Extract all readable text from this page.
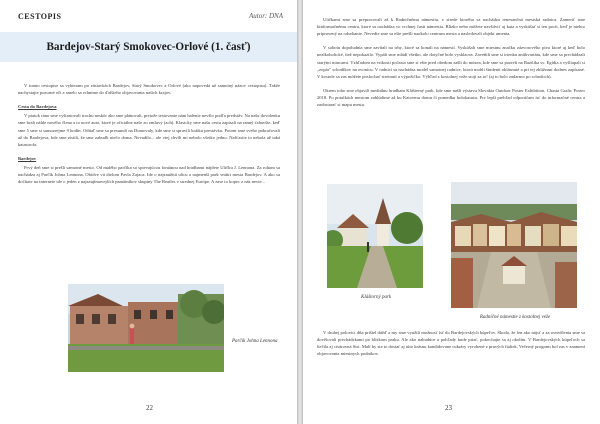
CESTOPIS	Autor: DNA
Bardejov-Starý Smokovec-Orlové (1. časť)

V tomto cestopise sa vybieram po zástavkách Bardejov, Starý Smokovec a Orlové (ako napovedá už samotný názov cestopisu). Takže nachystajte pozorné oči a smelo sa vrhnime do ďalšieho objavovania našich krajov.

Cesta do Bardejova

V piatok ráno sme vyštartovali trochu neskôr ako sme plánovali, pretože testovanie nám balenie nevšlo podľa predstáv. Na našu dovolenku sme brali náhle nového člena a to nové auto, ktoré je oficiálne naše zo zmluvy (ach). Klasicky sme našu cestu zapisali na ranný ťahavšie, keď sme 5 sme si samozrejme 9 hodín. Odtiaľ sme sa presunuli na Domovaly, kde sme si spravili krátku prestávku. Potom sme sveho pokračovali až do Bardejova, kde sme zistili, že sme zabudli niečo doma. Nevadilo... ale vtej chvíli mi nebolo všetko jedno. Našťastie to nebola až taká katastrofa.

Bardejov

Prvý deň sme si prešli samotné mesto. Od malého parčíka so spievajúcou fontánou nad hradbami nájdete Uličku J. Lennona. Za rohom sa nachádza aj Parčík Johna Lennona. Obidve vú dielom Pavla Zajaca. Ide o najzaužitú ulicu a najmenší park vnútri mesta Bardejov. A ako sa dočítate na internete ide o jeden z najzaujímavejších pamätníkov skupiny The Beatles v strednej Európe. A zase to kopec z nás nevie...

Parčík Johna Lennona
22

Uličkami sme sa prepracovali až k Radničnému námestiu, v strede ktorého sa nachádza renesančná mestská radnica. Zameriť sme kinformačnému centru, ktoré sa nachádza vo vrchnej časti námestia. Blízko nebo môžete navštíviť aj kata a vyskúšať si ten pocit, keď je niekto pripravený na odsekanie. Nevedie sme sa ešte prešli naokolo centrum mesta a nasledovali objekt umenia.

V sobotu dopoludnia sme zavítali na trhy, ktoré sa konali na námestí. Vyskúšali sme miestnu značku zázvorového piva ktoré aj keď bolo nealkoholické, tiež nepokazilo. Vypáli sme mládí všetko, ale dotyčné bolo vysklacea. Zaveňili sme si trienku antikvariátu, kde sme sa prechádzali starými mincami. Vzhľadom na vrtkosti počasia sme si ešte pred obedom zašli do múzea, kde sme sa pozreli na Bazilika sv. Egídia a vyšliapali si „zopár" schodíkov na zvonicu. V radnici sa nachádza model samotnej radnice, ktorú mohli študenti ohlásnuté a pri tej zbližzaní dodnes zapísané. V kostole sa zas môžete poslochať stretnutí a výpožičko. Výhľad z kostolnej veže stojí za to! (aj to bolo zadarmo po schodoch).

Okrem toho sme objavili mediálnu hradbam Klášterný park, kde sme našli výstavu Slovakia Outdoor Poster Exhibition, Chasta Grafic Poster 2018. Po potulkách mestom zablúdime až ku Katovmu domu či pomedku holokaustu. Pre lepší prehľad odporúčam ísť do informačné centra a zaobstarať si mapu mesta.

Kláštorný park
Radničné námestie z kostolnej veže

V druhej polovici dňa prišiel dážď a my sme využili možnosť ísť do Bardejovských kúpeľov. Škoda, že len ako nájsť a za osvedčenia sme sa dovŕšovali prechádzkami po blízkom parku. Ale ako nabudúce a pohľady bude priať, pokochajte sa aj okolím. V Bardejovských kúpeľoch sa liečila aj cisárovná Sisi. Malí by ste to dostať aj túto krásnu kandidovane cukráry vyrobené z pravých fialiek. Večerný program bol zas v znamení objavovania miestnych podnikov.

23
